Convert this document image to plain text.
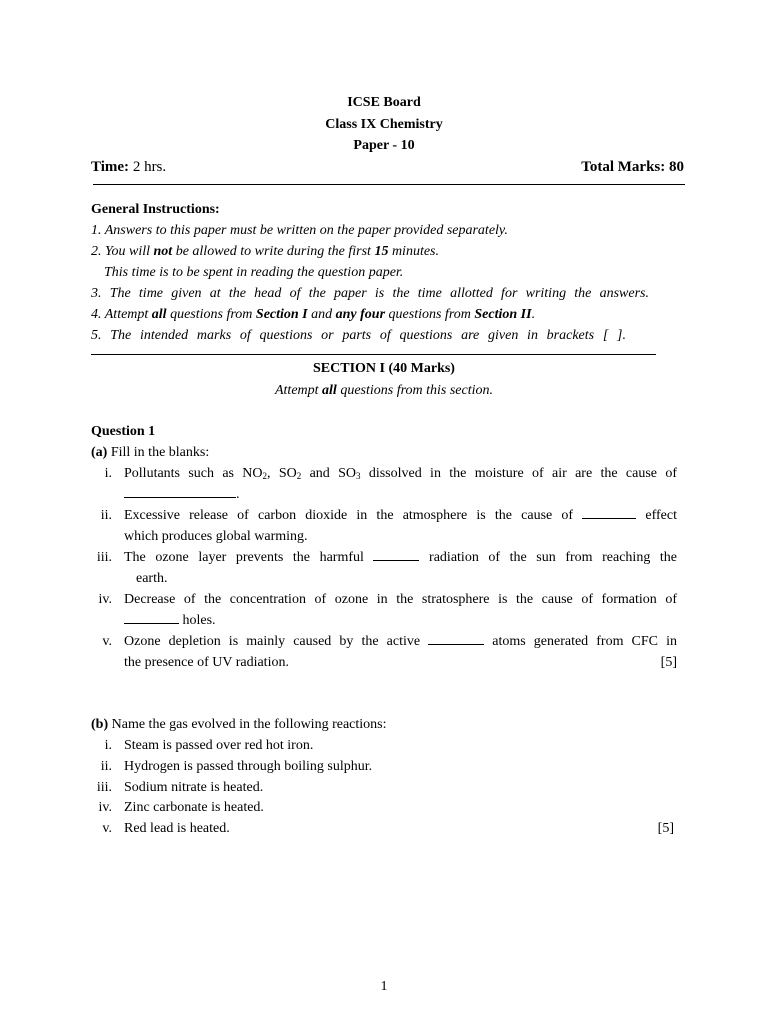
ICSE Board
Class IX Chemistry
Paper - 10
Time: 2 hrs.	Total Marks: 80
General Instructions:
1. Answers to this paper must be written on the paper provided separately.
2. You will not be allowed to write during the first 15 minutes.
This time is to be spent in reading the question paper.
3. The time given at the head of the paper is the time allotted for writing the answers.
4. Attempt all questions from Section I and any four questions from Section II.
5. The intended marks of questions or parts of questions are given in brackets [ ].
SECTION I (40 Marks)
Attempt all questions from this section.
Question 1
(a) Fill in the blanks:
i. Pollutants such as $NO_2$, $SO_2$ and $SO_3$ dissolved in the moisture of air are the cause of
.
ii. Excessive release of carbon dioxide in the atmosphere is the cause of	effect
which produces global warming.
iii. The ozone layer prevents the harmful	radiation of the sun from reaching the
earth.
iv. Decrease of the concentration of ozone in the stratosphere is the cause of formation of
holes.
v. Ozone depletion is mainly caused by the active	atoms generated from CFC in
the presence of UV radiation.	[5]
(b) Name the gas evolved in the following reactions:
i. Steam is passed over red hot iron.
ii. Hydrogen is passed through boiling sulphur.
iii. Sodium nitrate is heated.
iv. Zinc carbonate is heated.
v. Red lead is heated.	[5]
1
